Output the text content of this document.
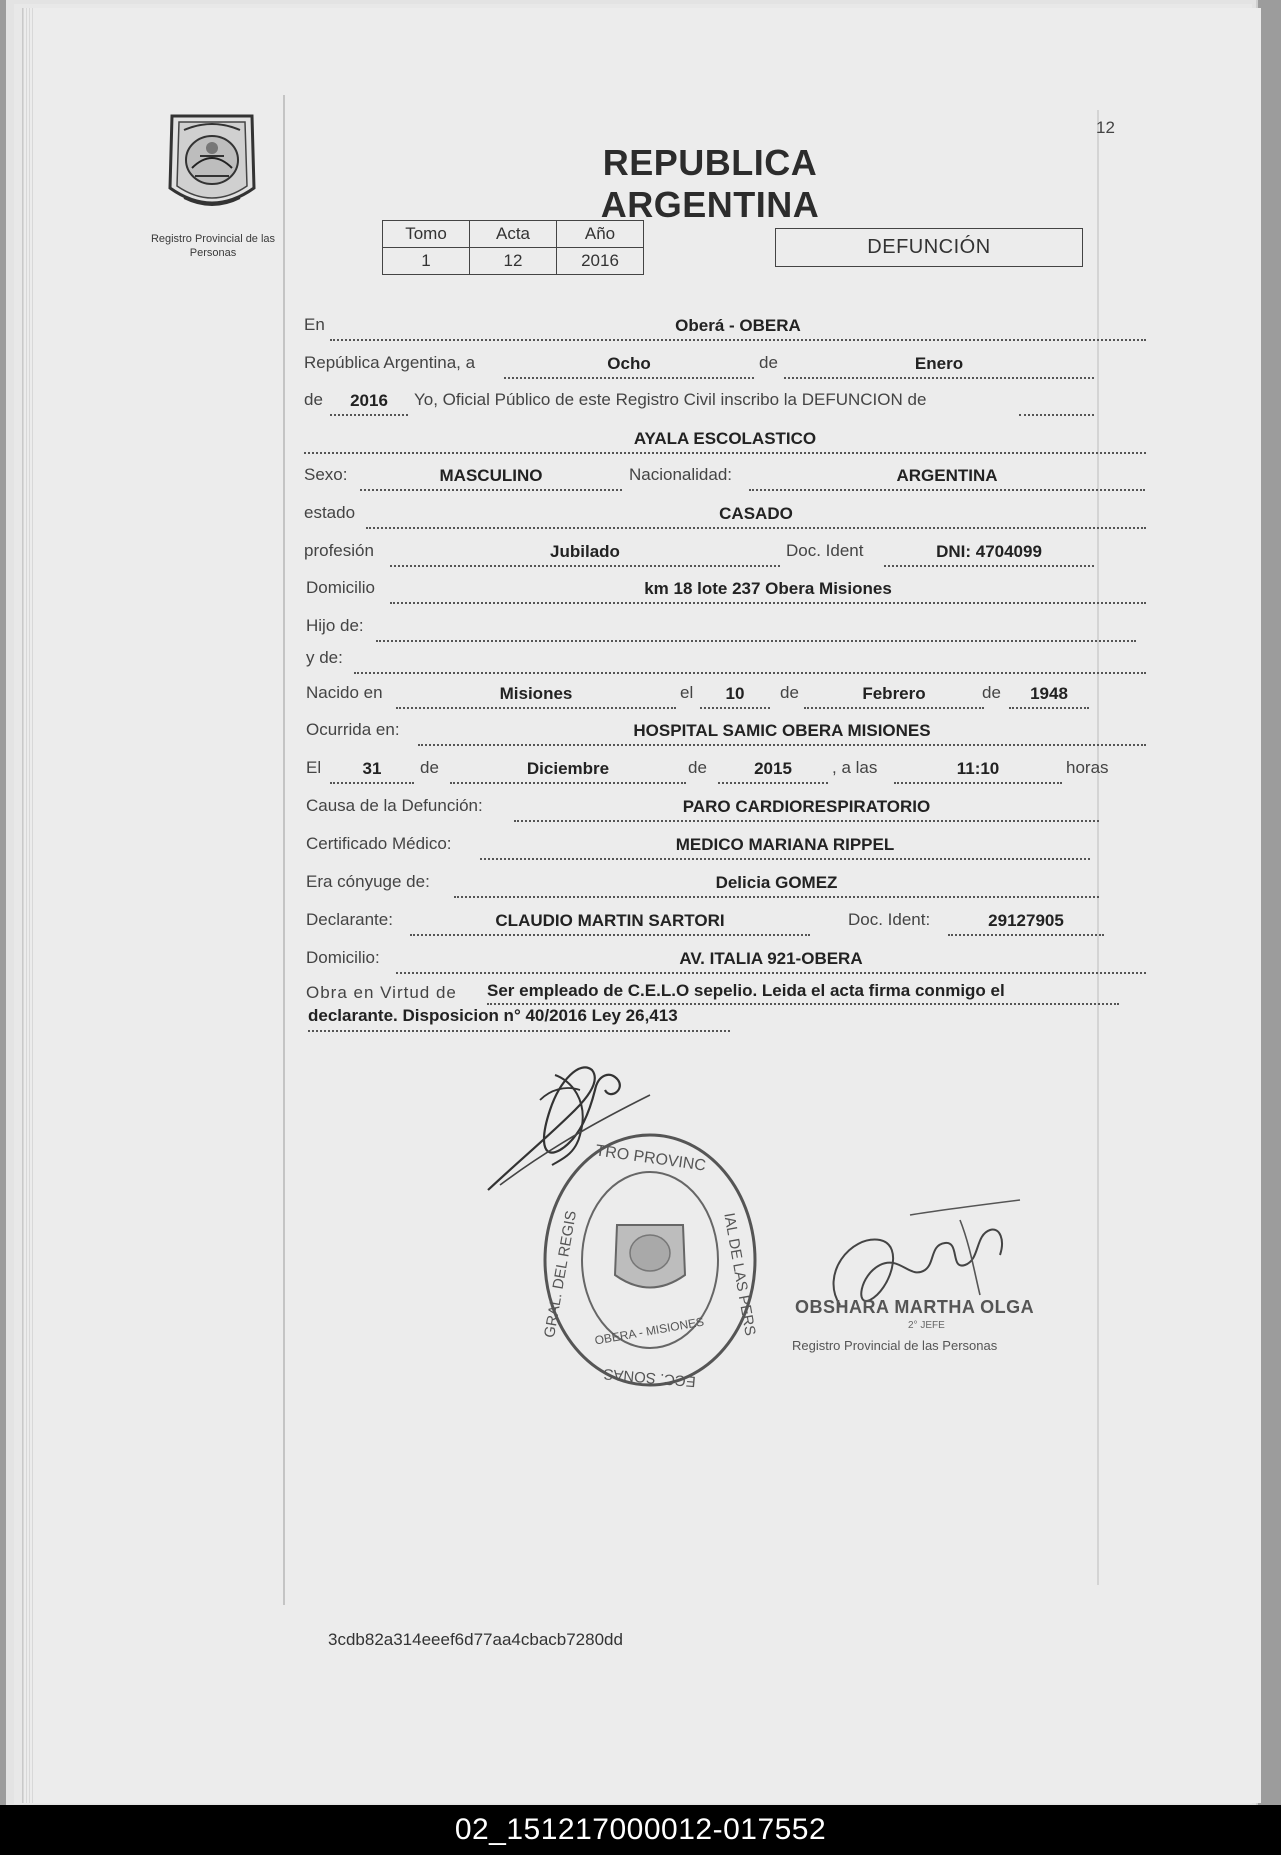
Registro Provincial de las Personas
12
REPUBLICA ARGENTINA
Tomo	Acta	Año
1	12	2016
DEFUNCIÓN
En	Oberá - OBERA
República Argentina, a	Ocho	de	Enero
de	2016	Yo, Oficial Público de este Registro Civil inscribo la DEFUNCION de
AYALA ESCOLASTICO
Sexo:	MASCULINO	Nacionalidad:	ARGENTINA
estado	CASADO
profesión	Jubilado	Doc. Ident	DNI: 4704099
Domicilio	km 18 lote 237 Obera Misiones
Hijo de:
y de:
Nacido en	Misiones	el	10	de	Febrero	de	1948
Ocurrida en:	HOSPITAL SAMIC OBERA MISIONES
El	31	de	Diciembre	de	2015	, a las	11:10	horas
Causa de la Defunción:	PARO CARDIORESPIRATORIO
Certificado Médico:	MEDICO MARIANA RIPPEL
Era cónyuge de:	Delicia GOMEZ
Declarante:	CLAUDIO MARTIN SARTORI	Doc. Ident:	29127905
Domicilio:	AV. ITALIA 921-OBERA
Obra en Virtud de Ser empleado de C.E.L.O sepelio. Leida el acta firma conmigo el
declarante. Disposicion n° 40/2016 Ley 26,413
TRO PROVINC
GRAL. DEL REGIS	IAL DE LAS PERS
ECC. SONAS
OBERA - MISIONES
OBSHARA MARTHA OLGA
2° JEFE
Registro Provincial de las Personas
3cdb82a314eeef6d77aa4cbacb7280dd
02_151217000012-017552
